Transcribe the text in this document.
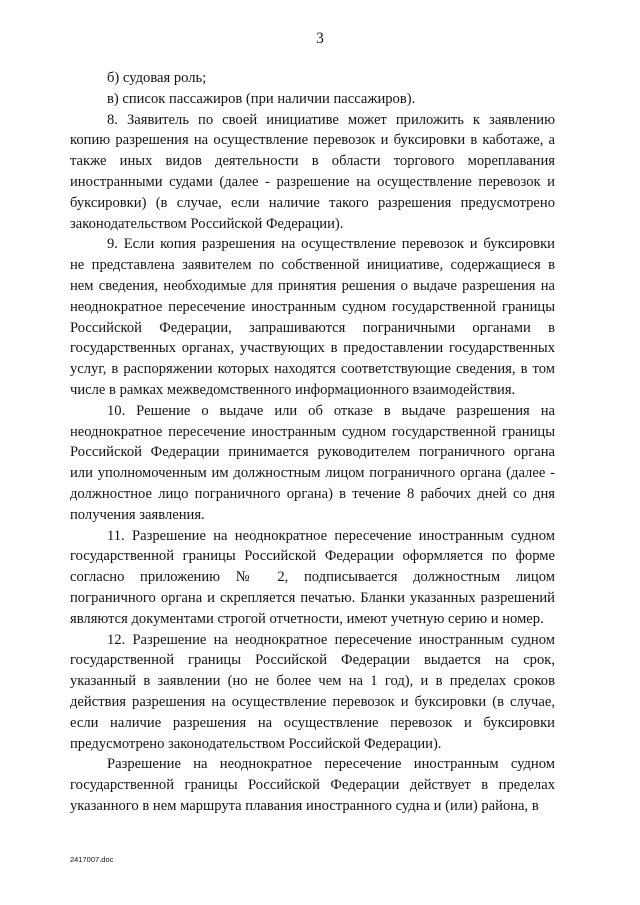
3

б) судовая роль;

в) список пассажиров (при наличии пассажиров).

8. Заявитель по своей инициативе может приложить к заявлению копию разрешения на осуществление перевозок и буксировки в каботаже, а также иных видов деятельности в области торгового мореплавания иностранными судами (далее - разрешение на осуществление перевозок и буксировки) (в случае, если наличие такого разрешения предусмотрено законодательством Российской Федерации).

9. Если копия разрешения на осуществление перевозок и буксировки не представлена заявителем по собственной инициативе, содержащиеся в нем сведения, необходимые для принятия решения о выдаче разрешения на неоднократное пересечение иностранным судном государственной границы Российской Федерации, запрашиваются пограничными органами в государственных органах, участвующих в предоставлении государственных услуг, в распоряжении которых находятся соответствующие сведения, в том числе в рамках межведомственного информационного взаимодействия.

10. Решение о выдаче или об отказе в выдаче разрешения на неоднократное пересечение иностранным судном государственной границы Российской Федерации принимается руководителем пограничного органа или уполномоченным им должностным лицом пограничного органа (далее - должностное лицо пограничного органа) в течение 8 рабочих дней со дня получения заявления.

11. Разрешение на неоднократное пересечение иностранным судном государственной границы Российской Федерации оформляется по форме согласно приложению № 2, подписывается должностным лицом пограничного органа и скрепляется печатью. Бланки указанных разрешений являются документами строгой отчетности, имеют учетную серию и номер.

12. Разрешение на неоднократное пересечение иностранным судном государственной границы Российской Федерации выдается на срок, указанный в заявлении (но не более чем на 1 год), и в пределах сроков действия разрешения на осуществление перевозок и буксировки (в случае, если наличие разрешения на осуществление перевозок и буксировки предусмотрено законодательством Российской Федерации).

Разрешение на неоднократное пересечение иностранным судном государственной границы Российской Федерации действует в пределах указанного в нем маршрута плавания иностранного судна и (или) района, в

2417007.doc
